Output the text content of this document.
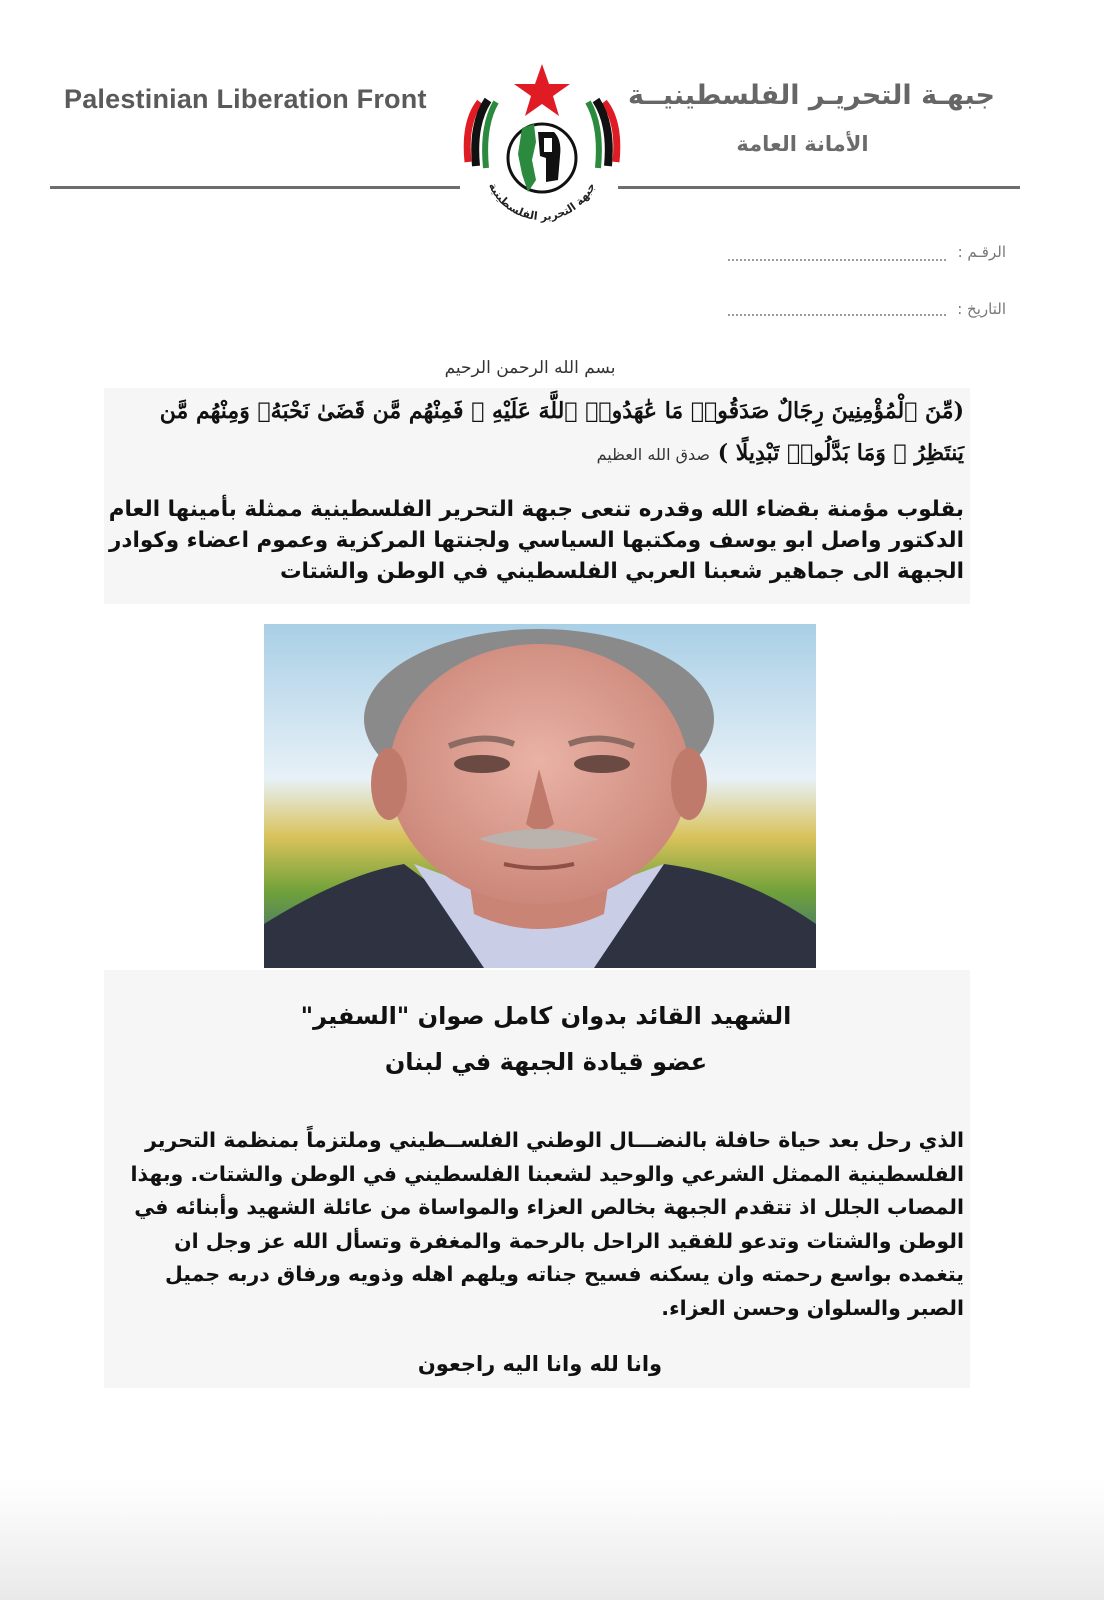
Palestinian Liberation Front	جبهـة التحريـر الفلسطينيــة
الأمانة العامة
جبهة التحرير الفلسطينية
الرقـم :
التاريخ :
بسم الله الرحمن الرحيم
(مِّنَ ٱلْمُؤْمِنِينَ رِجَالٌ صَدَقُوا۟ مَا عَٰهَدُوا۟ ٱللَّهَ عَلَيْهِ ۖ فَمِنْهُم مَّن قَضَىٰ نَحْبَهُۥ وَمِنْهُم مَّن يَنتَظِرُ ۖ وَمَا بَدَّلُوا۟ تَبْدِيلًا ) صدق الله العظيم
بقلوب مؤمنة بقضاء الله وقدره تنعى جبهة التحرير الفلسطينية ممثلة بأمينها العام الدكتور واصل ابو يوسف ومكتبها السياسي ولجنتها المركزية وعموم اعضاء وكوادر الجبهة الى جماهير شعبنا العربي الفلسطيني في الوطن والشتات
الشهيد القائد بدوان كامل صوان "السفير"
عضو قيادة الجبهة في لبنان
الذي رحل بعد حياة حافلة بالنضـــال الوطني الفلســطيني وملتزماً بمنظمة التحرير الفلسطينية الممثل الشرعي والوحيد لشعبنا الفلسطيني في الوطن والشتات. وبهذا المصاب الجلل اذ تتقدم الجبهة بخالص العزاء والمواساة من عائلة الشهيد وأبنائه في الوطن والشتات وتدعو للفقيد الراحل بالرحمة والمغفرة وتسأل الله عز وجل ان يتغمده بواسع رحمته وان يسكنه فسيح جناته ويلهم اهله وذويه ورفاق دربه جميل الصبر والسلوان وحسن العزاء.
وانا لله وانا اليه راجعون
